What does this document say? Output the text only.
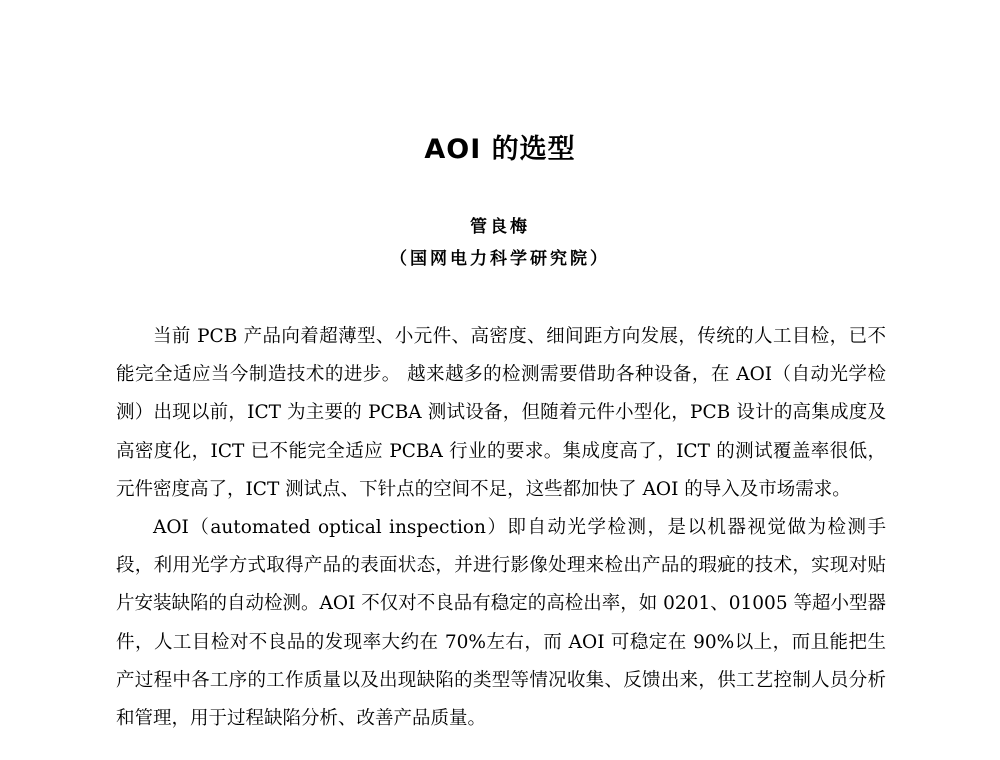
AOI 的选型
管良梅
（国网电力科学研究院）

当前 PCB 产品向着超薄型、小元件、高密度、细间距方向发展，传统的人工目检，已不能完全适应当今制造技术的进步。 越来越多的检测需要借助各种设备，在 AOI（自动光学检测）出现以前，ICT 为主要的 PCBA 测试设备，但随着元件小型化，PCB 设计的高集成度及高密度化，ICT 已不能完全适应 PCBA 行业的要求。集成度高了，ICT 的测试覆盖率很低，元件密度高了，ICT 测试点、下针点的空间不足，这些都加快了 AOI 的导入及市场需求。

AOI（automated optical inspection）即自动光学检测，是以机器视觉做为检测手段，利用光学方式取得产品的表面状态，并进行影像处理来检出产品的瑕疵的技术，实现对贴片安装缺陷的自动检测。AOI 不仅对不良品有稳定的高检出率，如 0201、01005 等超小型器件，人工目检对不良品的发现率大约在 70%左右，而 AOI 可稳定在 90%以上，而且能把生产过程中各工序的工作质量以及出现缺陷的类型等情况收集、反馈出来，供工艺控制人员分析和管理，用于过程缺陷分析、改善产品质量。
